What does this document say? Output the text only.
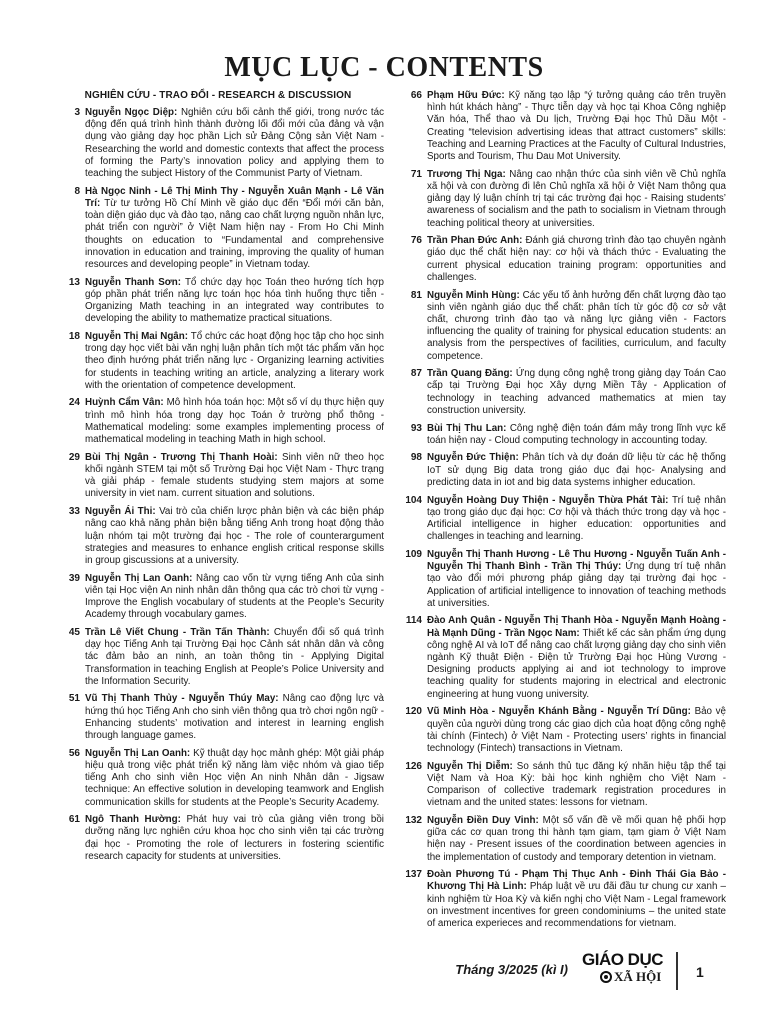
MỤC LỤC - CONTENTS
NGHIÊN CỨU - TRAO ĐỔI - RESEARCH & DISCUSSION
3 Nguyễn Ngọc Diệp: Nghiên cứu bối cảnh thế giới, trong nước tác động đến quá trình hình thành đường lối đổi mới của đảng và vận dụng vào giảng dạy học phần Lịch sử Đảng Cộng sản Việt Nam - Researching the world and domestic contexts that affect the process of forming the Party’s innovation policy and applying them to teaching the subject History of the Communist Party of Vietnam.
8 Hà Ngọc Ninh - Lê Thị Minh Thy - Nguyễn Xuân Mạnh - Lê Văn Trí: Từ tư tưởng Hồ Chí Minh về giáo dục đến “Đổi mới căn bản, toàn diện giáo dục và đào tạo, nâng cao chất lượng nguồn nhân lực, phát triển con người” ở Việt Nam hiện nay - From Ho Chi Minh thoughts on education to “Fundamental and comprehensive innovation in education and training, improving the quality of human resources and developing people” in Vietnam today.
13 Nguyễn Thanh Sơn: Tổ chức dạy học Toán theo hướng tích hợp góp phần phát triển năng lực toán học hóa tình huống thực tiễn - Organizing Math teaching in an integrated way contributes to developing the ability to mathematize practical situations.
18 Nguyễn Thị Mai Ngân: Tổ chức các hoạt động học tập cho học sinh trong dạy học viết bài văn nghị luận phân tích một tác phẩm văn học theo định hướng phát triển năng lực - Organizing learning activities for students in teaching writing an article, analyzing a literary work with the orientation of competence development.
24 Huỳnh Cẩm Vân: Mô hình hóa toán học: Một số ví dụ thực hiện quy trình mô hình hóa trong dạy học Toán ở trường phổ thông - Mathematical modeling: some examples implementing process of mathematical modeling in teaching Math in high school.
29 Bùi Thị Ngân - Trương Thị Thanh Hoài: Sinh viên nữ theo học khối ngành STEM tại một số Trường Đại học Việt Nam - Thực trạng và giải pháp - female students studying stem majors at some university in viet nam. current situation and solutions.
33 Nguyễn Ái Thi: Vai trò của chiến lược phản biện và các biện pháp nâng cao khả năng phản biện bằng tiếng Anh trong hoạt động thảo luận nhóm tại một trường đại học - The role of counterargument strategies and measures to enhance english critical response skills in group giscussions at a university.
39 Nguyễn Thị Lan Oanh: Nâng cao vốn từ vựng tiếng Anh của sinh viên tại Học viện An ninh nhân dân thông qua các trò chơi từ vựng - Improve the English vocabulary of students at the People’s Security Academy through vocabulary games.
45 Trần Lê Viết Chung - Trần Tấn Thành: Chuyển đổi số quá trình dạy học Tiếng Anh tại Trường Đại học Cảnh sát nhân dân và công tác đảm bảo an ninh, an toàn thông tin - Applying Digital Transformation in teaching English at People’s Police University and the Information Security.
51 Vũ Thị Thanh Thủy - Nguyễn Thúy May: Nâng cao động lực và hứng thú học Tiếng Anh cho sinh viên thông qua trò chơi ngôn ngữ - Enhancing students’ motivation and interest in learning english through language games.
56 Nguyễn Thị Lan Oanh: Kỹ thuật dạy học mảnh ghép: Một giải pháp hiệu quả trong việc phát triển kỹ năng làm việc nhóm và giao tiếp tiếng Anh cho sinh viên Học viện An ninh Nhân dân - Jigsaw technique: An effective solution in developing teamwork and English communication skills for students at the People’s Security Academy.
61 Ngô Thanh Hường: Phát huy vai trò của giảng viên trong bồi dưỡng năng lực nghiên cứu khoa học cho sinh viên tại các trường đại học - Promoting the role of lecturers in fostering scientific research capacity for students at universities.
66 Phạm Hữu Đức: Kỹ năng tạo lập “ý tưởng quảng cáo trên truyền hình hút khách hàng” - Thực tiễn dạy và học tại Khoa Công nghiệp Văn hóa, Thể thao và Du lịch, Trường Đại học Thủ Dầu Một - Creating “television advertising ideas that attract customers” skills: Teaching and Learning Practices at the Faculty of Cultural Industries, Sports and Tourism, Thu Dau Mot University.
71 Trương Thị Nga: Nâng cao nhận thức của sinh viên về Chủ nghĩa xã hội và con đường đi lên Chủ nghĩa xã hội ở Việt Nam thông qua giảng dạy lý luận chính trị tại các trường đại học - Raising students’ awareness of socialism and the path to socialism in Vietnam through teaching political theory at universities.
76 Trần Phan Đức Anh: Đánh giá chương trình đào tạo chuyên ngành giáo dục thể chất hiện nay: cơ hội và thách thức - Evaluating the current physical education training program: opportunities and challenges.
81 Nguyễn Minh Hùng: Các yếu tố ảnh hưởng đến chất lượng đào tạo sinh viên ngành giáo dục thể chất: phân tích từ góc độ cơ sở vật chất, chương trình đào tạo và năng lực giảng viên - Factors influencing the quality of training for physical education students: an analysis from the perspectives of facilities, curriculum, and faculty competence.
87 Trần Quang Đăng: Ứng dụng công nghệ trong giảng dạy Toán Cao cấp tại Trường Đại học Xây dựng Miền Tây - Application of technology in teaching advanced mathematics at mien tay construction university.
93 Bùi Thị Thu Lan: Công nghệ điện toán đám mây trong lĩnh vực kế toán hiện nay - Cloud computing technology in accounting today.
98 Nguyễn Đức Thiện: Phân tích và dự đoán dữ liệu từ các hệ thống IoT sử dụng Big data trong giáo dục đại học- Analysing and predicting data in iot and big data systems inhigher education.
104 Nguyễn Hoàng Duy Thiện - Nguyễn Thừa Phát Tài: Trí tuệ nhân tạo trong giáo dục đại học: Cơ hội và thách thức trong dạy và học - Artificial intelligence in higher education: opportunities and challenges in teaching and learning.
109 Nguyễn Thị Thanh Hương - Lê Thu Hương - Nguyễn Tuấn Anh - Nguyễn Thị Thanh Bình - Trần Thị Thúy: Ứng dụng trí tuệ nhân tạo vào đổi mới phương pháp giảng dạy tại trường đại học - Application of artificial intelligence to innovation of teaching methods at universities.
114 Đào Anh Quân - Nguyễn Thị Thanh Hòa - Nguyễn Mạnh Hoàng - Hà Mạnh Dũng - Trần Ngọc Nam: Thiết kế các sản phẩm ứng dụng công nghệ AI và IoT để nâng cao chất lượng giảng dạy cho sinh viên ngành Kỹ thuật Điện - Điện tử Trường Đại học Hùng Vương - Designing products applying ai and iot technology to improve teaching quality for students majoring in electrical and electronic engineering at hung vuong university.
120 Vũ Minh Hòa - Nguyễn Khánh Bằng - Nguyễn Trí Dũng: Bảo vệ quyền của người dùng trong các giao dịch của hoạt động công nghệ tài chính (Fintech) ở Việt Nam - Protecting users’ rights in financial technology (Fintech) transactions in Vietnam.
126 Nguyễn Thị Diễm: So sánh thủ tục đăng ký nhãn hiệu tập thể tại Việt Nam và Hoa Kỳ: bài học kinh nghiệm cho Việt Nam - Comparison of collective trademark registration procedures in vietnam and the united states: lessons for vietnam.
132 Nguyễn Điền Duy Vinh: Một số vấn đề về mối quan hệ phối hợp giữa các cơ quan trong thi hành tạm giam, tạm giam ở Việt Nam hiện nay - Present issues of the coordination between agencies in the implementation of custody and temporary detention in vietnam.
137 Đoàn Phương Tú - Phạm Thị Thục Anh - Đinh Thái Gia Bảo - Khương Thị Hà Linh: Pháp luật về ưu đãi đầu tư chung cư xanh – kinh nghiệm từ Hoa Kỳ và kiến nghị cho Việt Nam - Legal framework on investment incentives for green condominiums – the united state of america experieces and recommendations for vietnam.
Tháng 3/2025 (kì I)
GIÁO DỤC
XÃ HỘI 1
